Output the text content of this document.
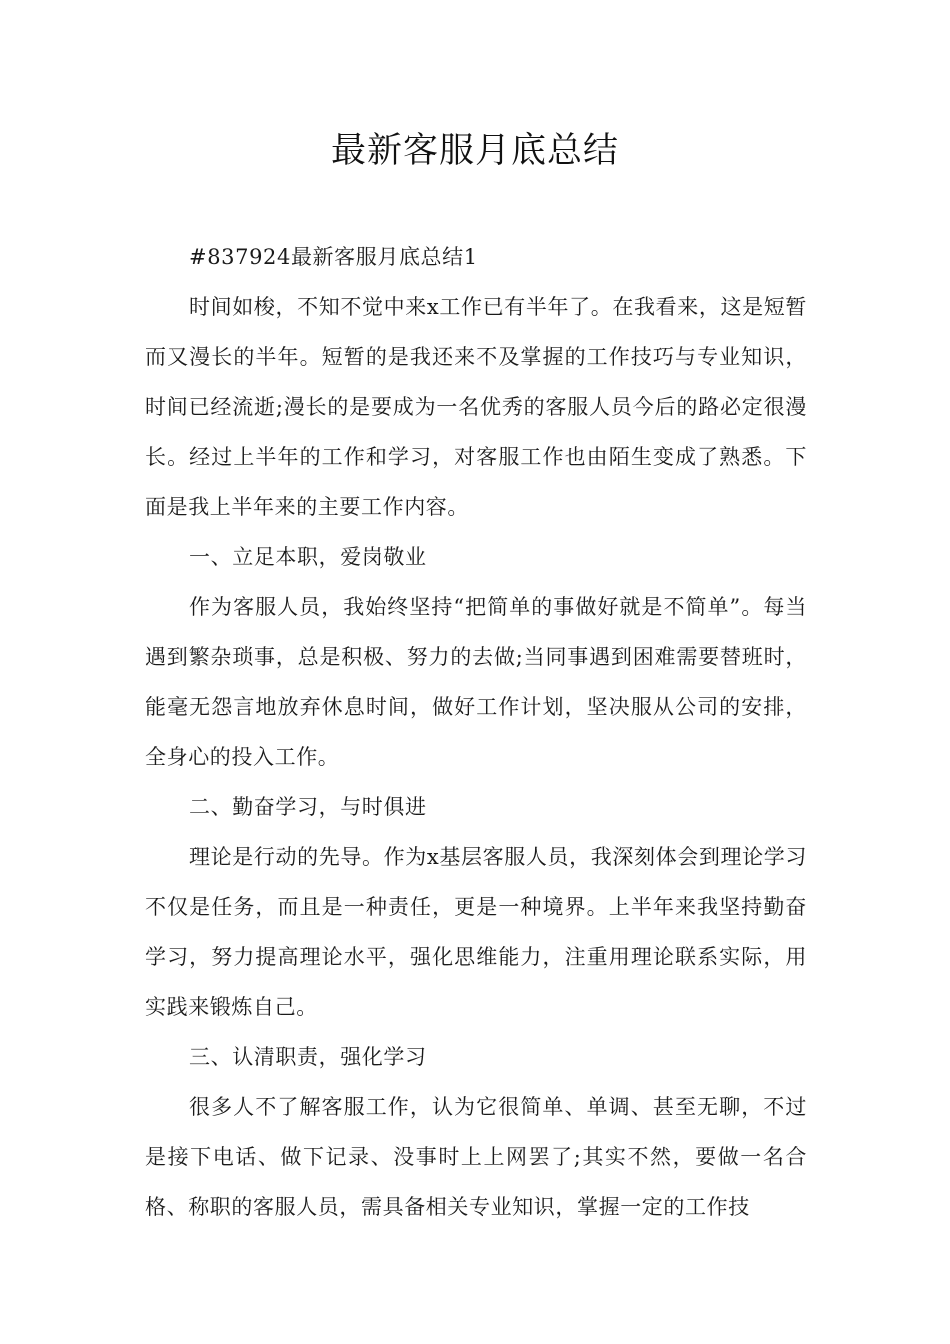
最新客服月底总结

#837924最新客服月底总结1

时间如梭，不知不觉中来x工作已有半年了。在我看来，这是短暂而又漫长的半年。短暂的是我还来不及掌握的工作技巧与专业知识，时间已经流逝;漫长的是要成为一名优秀的客服人员今后的路必定很漫长。经过上半年的工作和学习，对客服工作也由陌生变成了熟悉。下面是我上半年来的主要工作内容。

一、立足本职，爱岗敬业

作为客服人员，我始终坚持“把简单的事做好就是不简单”。每当遇到繁杂琐事，总是积极、努力的去做;当同事遇到困难需要替班时，能毫无怨言地放弃休息时间，做好工作计划，坚决服从公司的安排，全身心的投入工作。

二、勤奋学习，与时俱进

理论是行动的先导。作为x基层客服人员，我深刻体会到理论学习不仅是任务，而且是一种责任，更是一种境界。上半年来我坚持勤奋学习，努力提高理论水平，强化思维能力，注重用理论联系实际，用实践来锻炼自己。

三、认清职责，强化学习

很多人不了解客服工作，认为它很简单、单调、甚至无聊，不过是接下电话、做下记录、没事时上上网罢了;其实不然，要做一名合格、称职的客服人员，需具备相关专业知识，掌握一定的工作技
